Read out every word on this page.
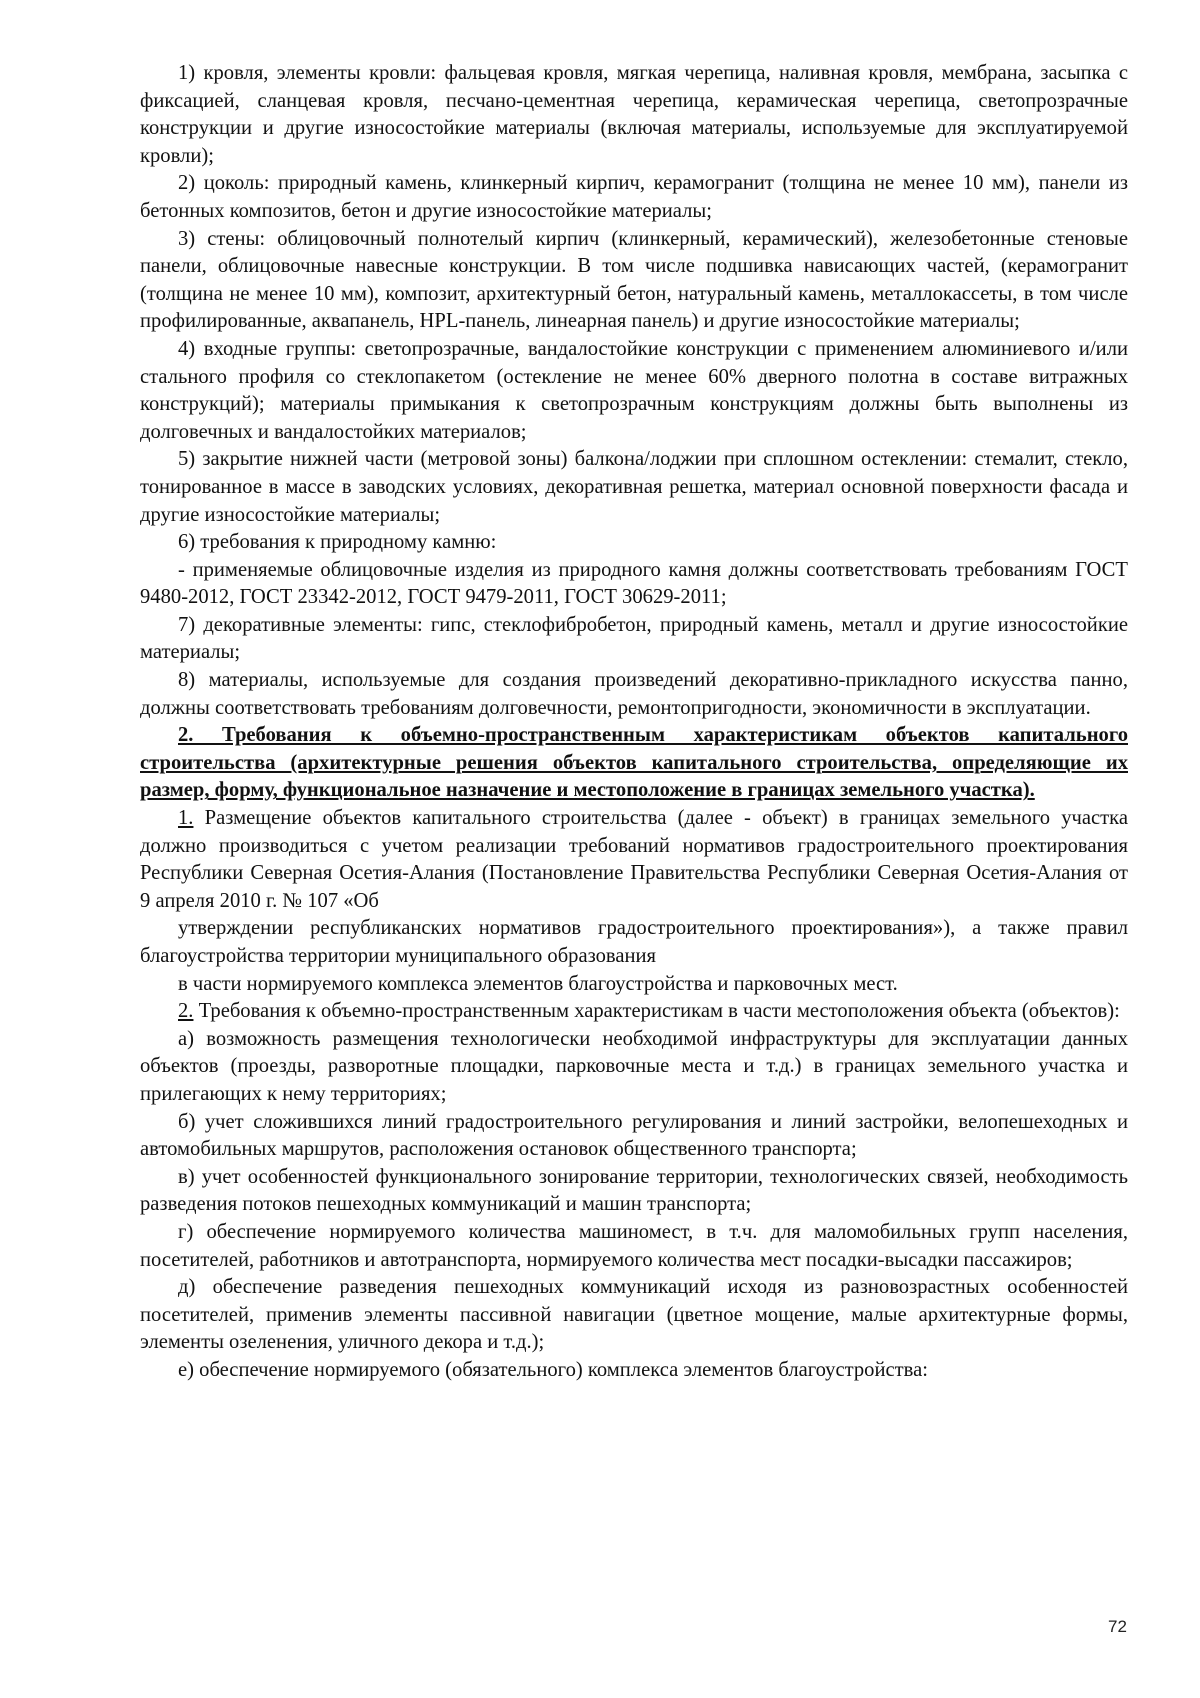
1) кровля, элементы кровли: фальцевая кровля, мягкая черепица, наливная кровля, мембрана, засыпка с фиксацией, сланцевая кровля, песчано-цементная черепица, керамическая черепица, светопрозрачные конструкции и другие износостойкие материалы (включая материалы, используемые для эксплуатируемой кровли);

2) цоколь: природный камень, клинкерный кирпич, керамогранит (толщина не менее 10 мм), панели из бетонных композитов, бетон и другие износостойкие материалы;

3) стены: облицовочный полнотелый кирпич (клинкерный, керамический), железобетонные стеновые панели, облицовочные навесные конструкции. В том числе подшивка нависающих частей, (керамогранит (толщина не менее 10 мм), композит, архитектурный бетон, натуральный камень, металлокассеты, в том числе профилированные, аквапанель, HPL-панель, линеарная панель) и другие износостойкие материалы;

4) входные группы: светопрозрачные, вандалостойкие конструкции с применением алюминиевого и/или стального профиля со стеклопакетом (остекление не менее 60% дверного полотна в составе витражных конструкций); материалы примыкания к светопрозрачным конструкциям должны быть выполнены из долговечных и вандалостойких материалов;

5) закрытие нижней части (метровой зоны) балкона/лоджии при сплошном остеклении: стемалит, стекло, тонированное в массе в заводских условиях, декоративная решетка, материал основной поверхности фасада и другие износостойкие материалы;

6) требования к природному камню:

- применяемые облицовочные изделия из природного камня должны соответствовать требованиям ГОСТ 9480-2012, ГОСТ 23342-2012, ГОСТ 9479-2011, ГОСТ 30629-2011;

7) декоративные элементы: гипс, стеклофибробетон, природный камень, металл и другие износостойкие материалы;

8) материалы, используемые для создания произведений декоративно-прикладного искусства панно, должны соответствовать требованиям долговечности, ремонтопригодности, экономичности в эксплуатации.

2. Требования к объемно-пространственным характеристикам объектов капитального строительства (архитектурные решения объектов капитального строительства, определяющие их размер, форму, функциональное назначение и местоположение в границах земельного участка).

1. Размещение объектов капитального строительства (далее - объект) в границах земельного участка должно производиться с учетом реализации требований нормативов градостроительного проектирования Республики Северная Осетия-Алания (Постановление Правительства Республики Северная Осетия-Алания от 9 апреля 2010 г. № 107 «Об

утверждении республиканских нормативов градостроительного проектирования»), а также правил благоустройства территории муниципального образования

в части нормируемого комплекса элементов благоустройства и парковочных мест.

2. Требования к объемно-пространственным характеристикам в части местоположения объекта (объектов):

а) возможность размещения технологически необходимой инфраструктуры для эксплуатации данных объектов (проезды, разворотные площадки, парковочные места и т.д.) в границах земельного участка и прилегающих к нему территориях;

б) учет сложившихся линий градостроительного регулирования и линий застройки, велопешеходных и автомобильных маршрутов, расположения остановок общественного транспорта;

в) учет особенностей функционального зонирование территории, технологических связей, необходимость разведения потоков пешеходных коммуникаций и машин транспорта;

г) обеспечение нормируемого количества машиномест, в т.ч. для маломобильных групп населения, посетителей, работников и автотранспорта, нормируемого количества мест посадки-высадки пассажиров;

д) обеспечение разведения пешеходных коммуникаций исходя из разновозрастных особенностей посетителей, применив элементы пассивной навигации (цветное мощение, малые архитектурные формы, элементы озеленения, уличного декора и т.д.);

е) обеспечение нормируемого (обязательного) комплекса элементов благоустройства:

72
